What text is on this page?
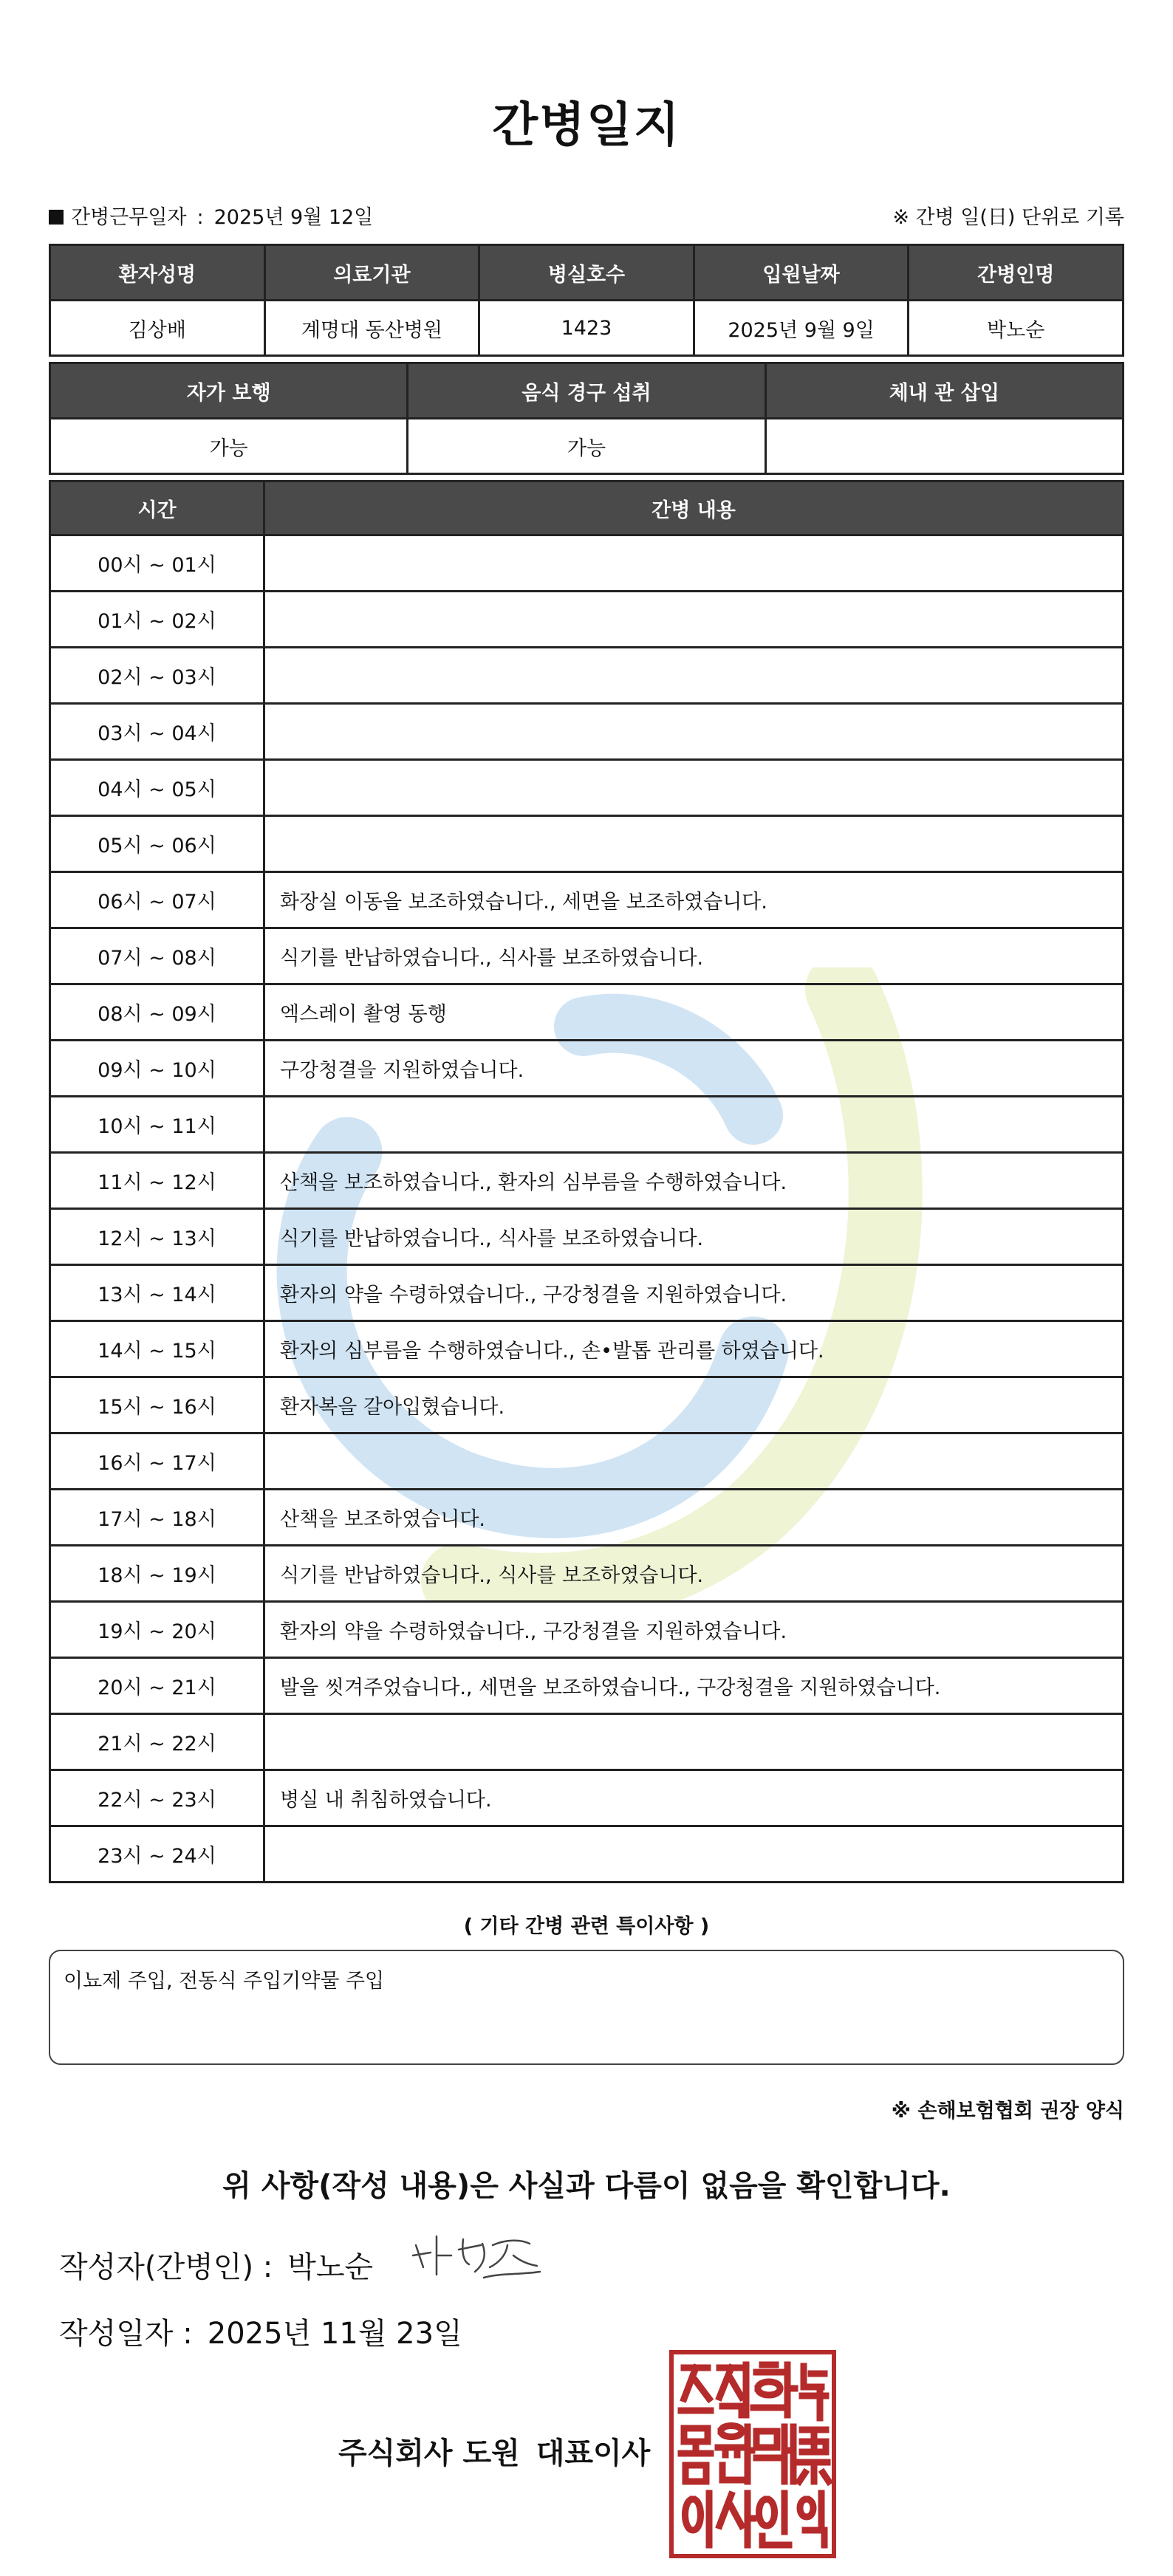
간병일지
간병근무일자 : 2025년 9월 12일	※ 간병 일(日) 단위로 기록
환자성명	의료기관	병실호수	입원날짜	간병인명
김상배	계명대 동산병원	1423	2025년 9월 9일	박노순
자가 보행	음식 경구 섭취	체내 관 삽입
가능	가능	
시간	간병 내용
00시 ~ 01시	
01시 ~ 02시	
02시 ~ 03시	
03시 ~ 04시	
04시 ~ 05시	
05시 ~ 06시	
06시 ~ 07시	화장실 이동을 보조하였습니다., 세면을 보조하였습니다.
07시 ~ 08시	식기를 반납하였습니다., 식사를 보조하였습니다.
08시 ~ 09시	엑스레이 촬영 동행
09시 ~ 10시	구강청결을 지원하였습니다.
10시 ~ 11시	
11시 ~ 12시	산책을 보조하였습니다., 환자의 심부름을 수행하였습니다.
12시 ~ 13시	식기를 반납하였습니다., 식사를 보조하였습니다.
13시 ~ 14시	환자의 약을 수령하였습니다., 구강청결을 지원하였습니다.
14시 ~ 15시	환자의 심부름을 수행하였습니다., 손•발톱 관리를 하였습니다.
15시 ~ 16시	환자복을 갈아입혔습니다.
16시 ~ 17시	
17시 ~ 18시	산책을 보조하였습니다.
18시 ~ 19시	식기를 반납하였습니다., 식사를 보조하였습니다.
19시 ~ 20시	환자의 약을 수령하였습니다., 구강청결을 지원하였습니다.
20시 ~ 21시	발을 씻겨주었습니다., 세면을 보조하였습니다., 구강청결을 지원하였습니다.
21시 ~ 22시	
22시 ~ 23시	병실 내 취침하였습니다.
23시 ~ 24시	
( 기타 간병 관련 특이사항 )
이뇨제 주입, 전동식 주입기약물 주입
※ 손해보험협회 권장 양식
위 사항(작성 내용)은 사실과 다름이 없음을 확인합니다.
작성자(간병인) : 박노순
작성일자 : 2025년 11월 23일
주식회사 도원 대표이사
